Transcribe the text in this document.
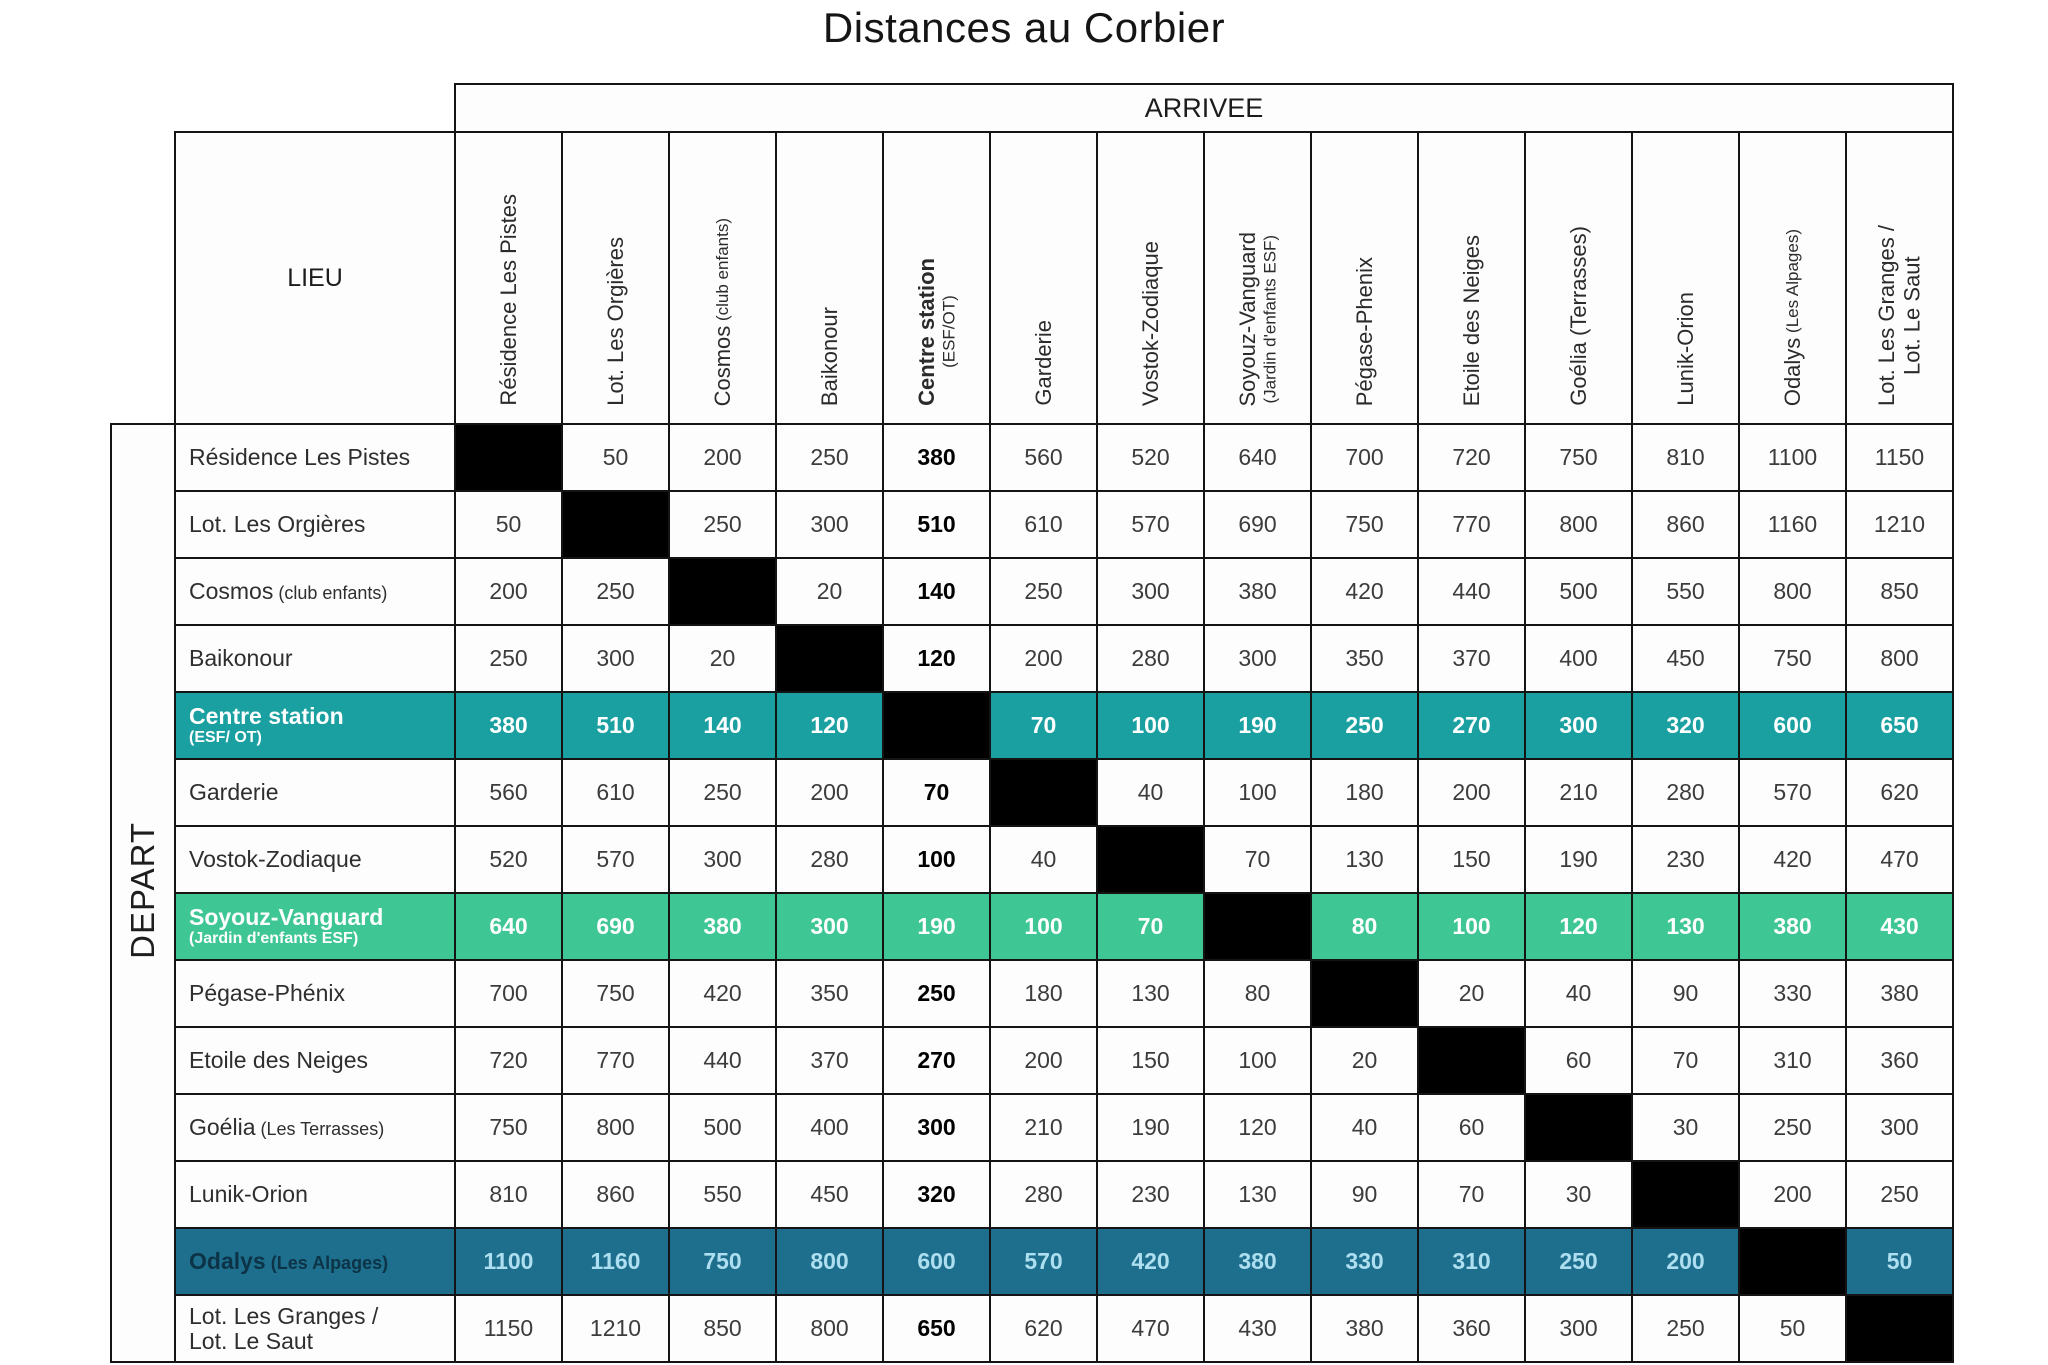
Distances au Corbier
		ARRIVEE													
	LIEU	Résidence Les Pistes	Lot. Les Orgières	Cosmos (club enfants)	Baikonour	Centre station (ESF/OT)	Garderie	Vostok-Zodiaque	Soyouz-Vanguard (Jardin d'enfants ESF)	Pégase-Phenix	Etoile des Neiges	Goélia (Terrasses)	Lunik-Orion	Odalys (Les Alpages)	Lot. Les Granges / Lot. Le Saut

DEPART	Résidence Les Pistes		50	200	250	380	560	520	640	700	720	750	810	1100	1150
	Lot. Les Orgières	50		250	300	510	610	570	690	750	770	800	860	1160	1210
	Cosmos (club enfants)	200	250		20	140	250	300	380	420	440	500	550	800	850
	Baikonour	250	300	20		120	200	280	300	350	370	400	450	750	800
	Centre station
(ESF/ OT)	380	510	140	120		70	100	190	250	270	300	320	600	650
	Garderie	560	610	250	200	70		40	100	180	200	210	280	570	620
	Vostok-Zodiaque	520	570	300	280	100	40		70	130	150	190	230	420	470
	Soyouz-Vanguard
(Jardin d'enfants ESF)	640	690	380	300	190	100	70		80	100	120	130	380	430
	Pégase-Phénix	700	750	420	350	250	180	130	80		20	40	90	330	380
	Etoile des Neiges	720	770	440	370	270	200	150	100	20		60	70	310	360
	Goélia (Les Terrasses)	750	800	500	400	300	210	190	120	40	60		30	250	300
	Lunik-Orion	810	860	550	450	320	280	230	130	90	70	30		200	250
	Odalys (Les Alpages)	1100	1160	750	800	600	570	420	380	330	310	250	200		50
	Lot. Les Granges /
Lot. Le Saut	1150	1210	850	800	650	620	470	430	380	360	300	250	50	
